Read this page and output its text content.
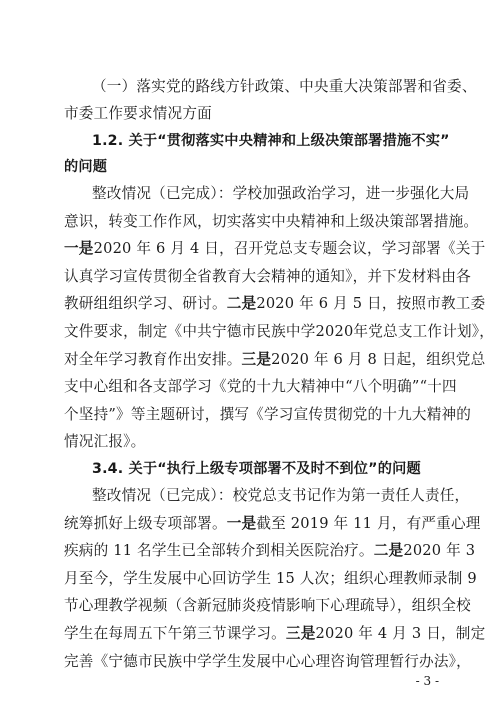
（一）落实党的路线方针政策、中央重大决策部署和省委、
市委工作要求情况方面
1.2. 关于“贯彻落实中央精神和上级决策部署措施不实”
的问题
整改情况（已完成）：学校加强政治学习，进一步强化大局
意识，转变工作作风，切实落实中央精神和上级决策部署措施。
一是2020 年 6 月 4 日，召开党总支专题会议，学习部署《关于
认真学习宣传贯彻全省教育大会精神的通知》，并下发材料由各
教研组组织学习、研讨。二是2020 年 6 月 5 日，按照市教工委
文件要求，制定《中共宁德市民族中学2020年党总支工作计划》，
对全年学习教育作出安排。三是2020 年 6 月 8 日起，组织党总
支中心组和各支部学习《党的十九大精神中“八个明确”“十四
个坚持”》等主题研讨，撰写《学习宣传贯彻党的十九大精神的
情况汇报》。
3.4. 关于“执行上级专项部署不及时不到位”的问题
整改情况（已完成）：校党总支书记作为第一责任人责任，
统筹抓好上级专项部署。一是截至 2019 年 11 月，有严重心理
疾病的 11 名学生已全部转介到相关医院治疗。二是2020 年 3
月至今，学生发展中心回访学生 15 人次；组织心理教师录制 9
节心理教学视频（含新冠肺炎疫情影响下心理疏导），组织全校
学生在每周五下午第三节课学习。三是2020 年 4 月 3 日，制定
完善《宁德市民族中学学生发展中心心理咨询管理暂行办法》，
- 3 -
